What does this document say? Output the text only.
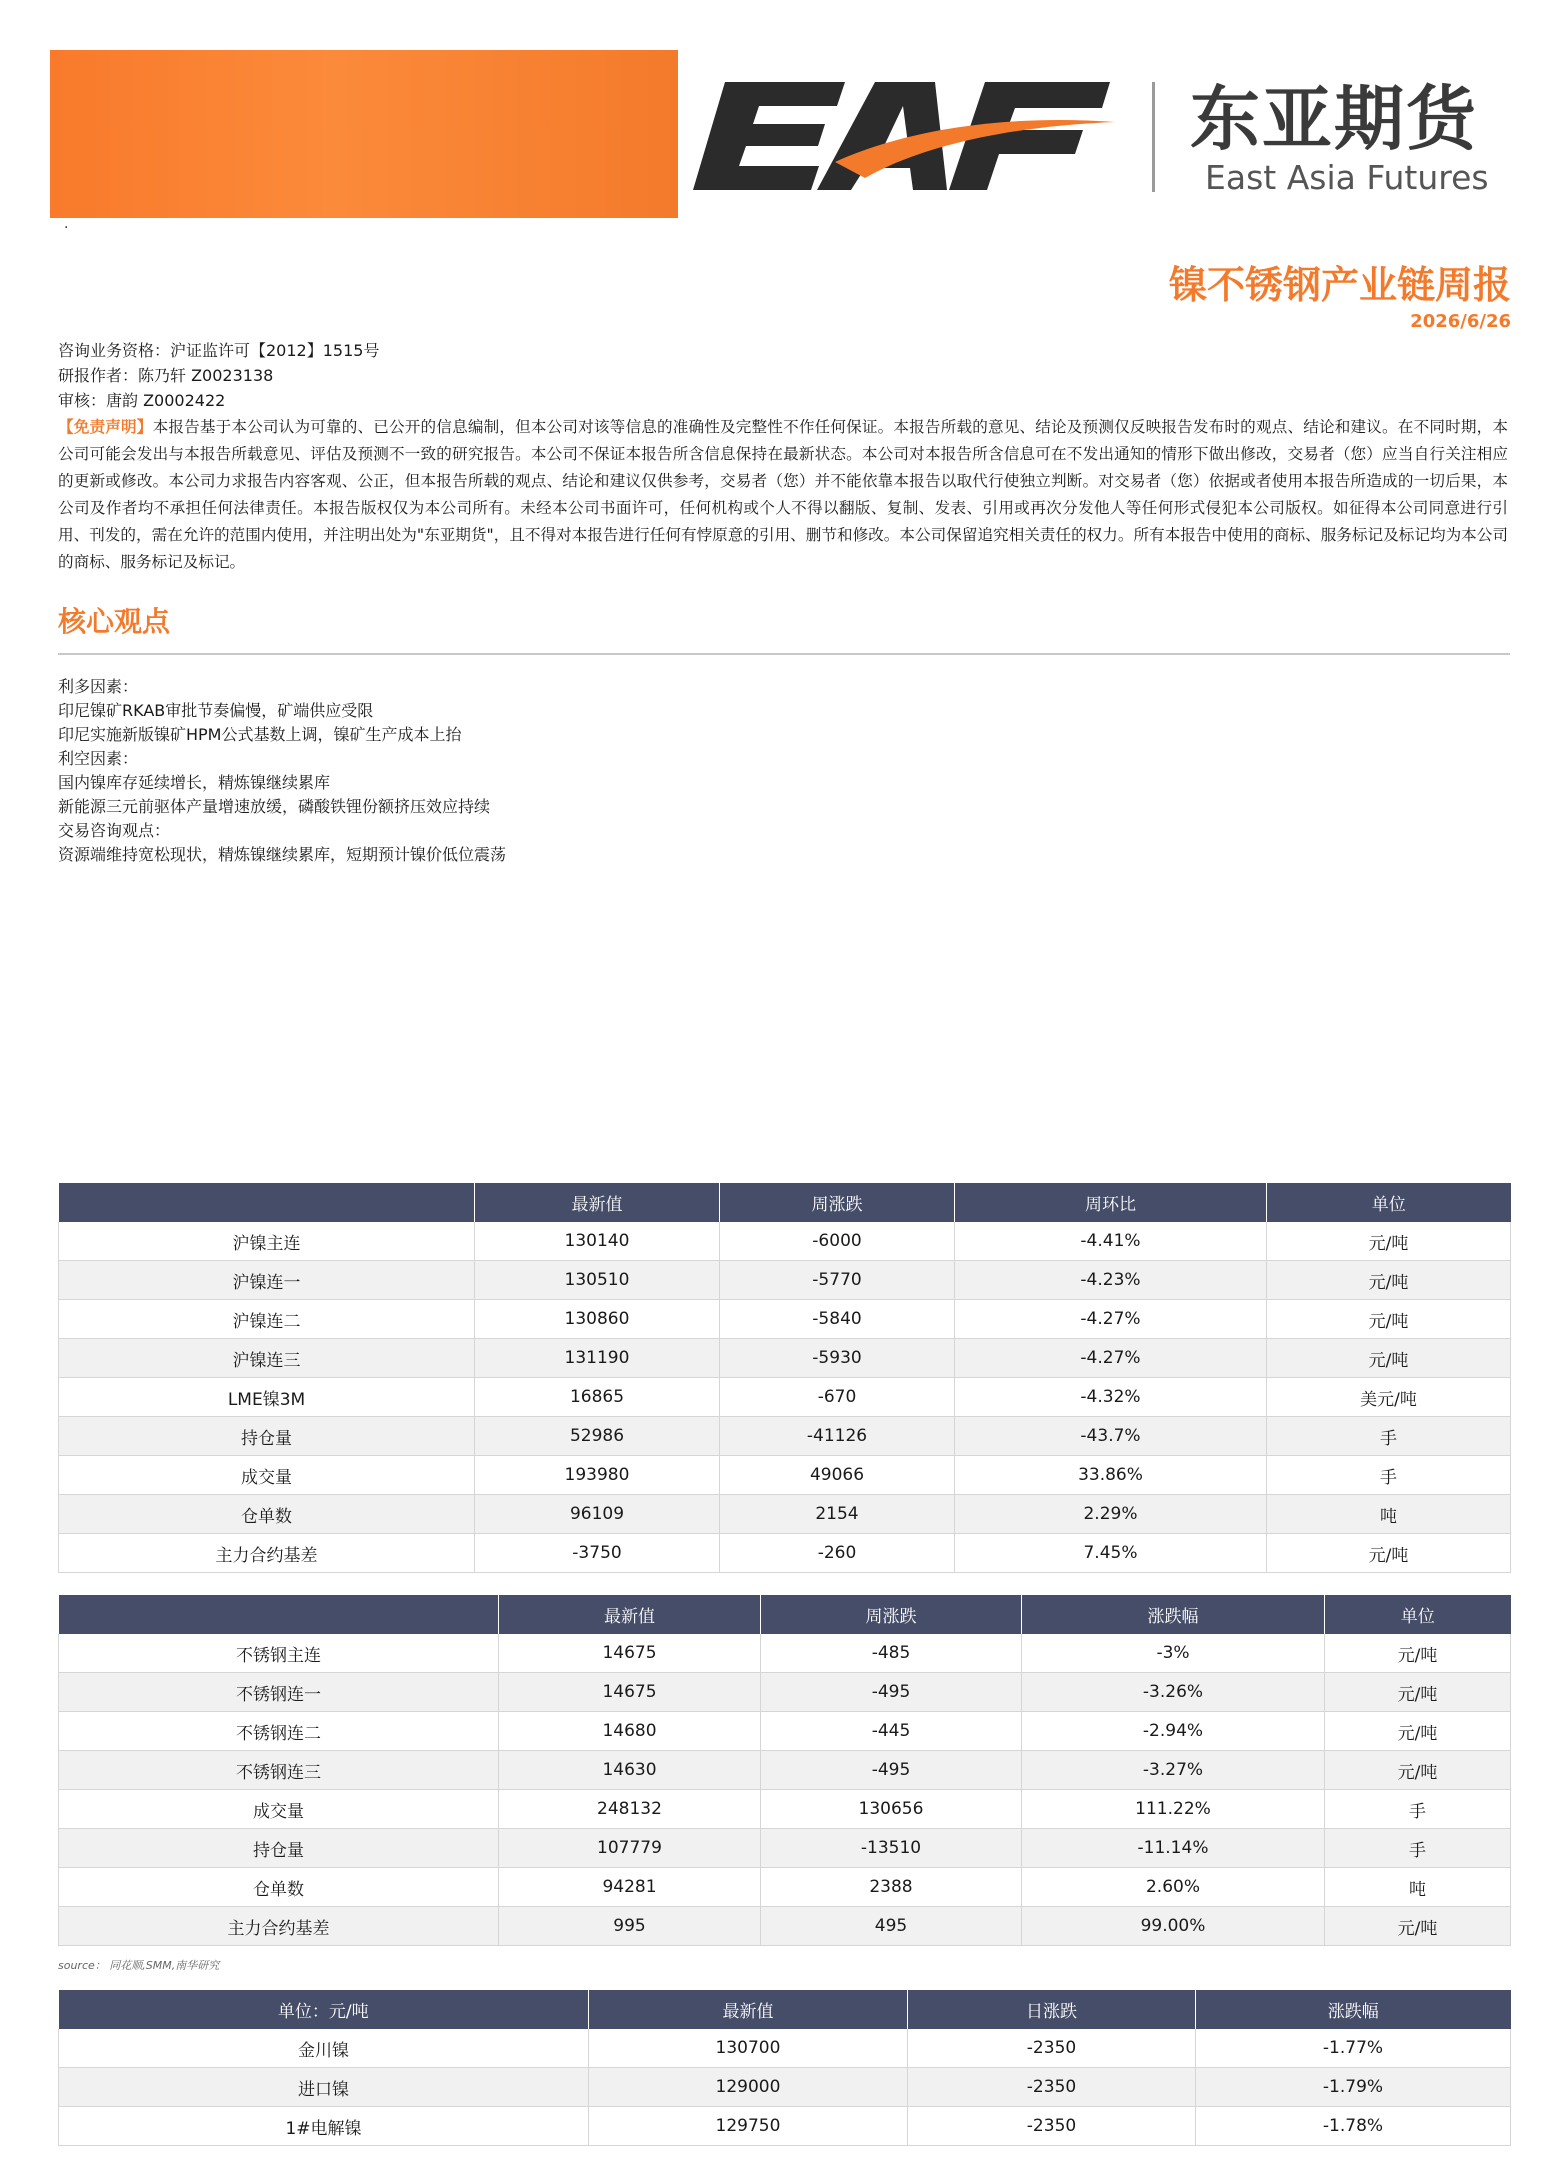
·
东亚期货
East Asia Futures
镍不锈钢产业链周报
2026/6/26
咨询业务资格：沪证监许可【2012】1515号
研报作者：陈乃轩 Z0023138
审核：唐韵 Z0002422
【免责声明】本报告基于本公司认为可靠的、已公开的信息编制，但本公司对该等信息的准确性及完整性不作任何保证。本报告所载的意见、结论及预测仅反映报告发布时的观点、结论和建议。在不同时期，本公司可能会发出与本报告所载意见、评估及预测不一致的研究报告。本公司不保证本报告所含信息保持在最新状态。本公司对本报告所含信息可在不发出通知的情形下做出修改，交易者（您）应当自行关注相应的更新或修改。本公司力求报告内容客观、公正，但本报告所载的观点、结论和建议仅供参考，交易者（您）并不能依靠本报告以取代行使独立判断。对交易者（您）依据或者使用本报告所造成的一切后果，本公司及作者均不承担任何法律责任。本报告版权仅为本公司所有。未经本公司书面许可，任何机构或个人不得以翻版、复制、发表、引用或再次分发他人等任何形式侵犯本公司版权。如征得本公司同意进行引用、刊发的，需在允许的范围内使用，并注明出处为"东亚期货"，且不得对本报告进行任何有悖原意的引用、删节和修改。本公司保留追究相关责任的权力。所有本报告中使用的商标、服务标记及标记均为本公司的商标、服务标记及标记。
核心观点
利多因素：
印尼镍矿RKAB审批节奏偏慢，矿端供应受限
印尼实施新版镍矿HPM公式基数上调，镍矿生产成本上抬
利空因素：
国内镍库存延续增长，精炼镍继续累库
新能源三元前驱体产量增速放缓，磷酸铁锂份额挤压效应持续
交易咨询观点：
资源端维持宽松现状，精炼镍继续累库，短期预计镍价低位震荡
	最新值	周涨跌	周环比	单位
沪镍主连	130140	-6000	-4.41%	元/吨
沪镍连一	130510	-5770	-4.23%	元/吨
沪镍连二	130860	-5840	-4.27%	元/吨
沪镍连三	131190	-5930	-4.27%	元/吨
LME镍3M	16865	-670	-4.32%	美元/吨
持仓量	52986	-41126	-43.7%	手
成交量	193980	49066	33.86%	手
仓单数	96109	2154	2.29%	吨
主力合约基差	-3750	-260	7.45%	元/吨
	最新值	周涨跌	涨跌幅	单位
不锈钢主连	14675	-485	-3%	元/吨
不锈钢连一	14675	-495	-3.26%	元/吨
不锈钢连二	14680	-445	-2.94%	元/吨
不锈钢连三	14630	-495	-3.27%	元/吨
成交量	248132	130656	111.22%	手
持仓量	107779	-13510	-11.14%	手
仓单数	94281	2388	2.60%	吨
主力合约基差	995	495	99.00%	元/吨
source： 同花顺,SMM,南华研究
单位：元/吨	最新值	日涨跌	涨跌幅
金川镍	130700	-2350	-1.77%
进口镍	129000	-2350	-1.79%
1#电解镍	129750	-2350	-1.78%
